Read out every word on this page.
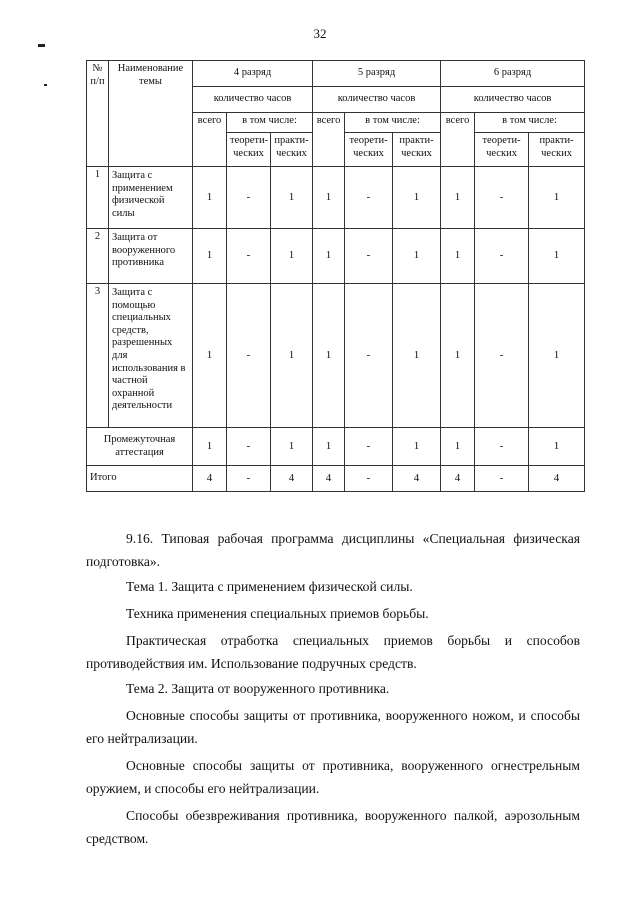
32
№ п/п	Наименование темы	4 разряд			5 разряд			6 разряд		
		количество часов			количество часов			количество часов		
		всего	в том числе:		всего	в том числе:		всего	в том числе:	
			теорети-ческих	практи-ческих		теорети-ческих	практи-ческих		теорети-ческих	практи-ческих
1	Защита с применением физической силы	1	-	1	1	-	1	1	-	1
2	Защита от вооруженного противника	1	-	1	1	-	1	1	-	1
3	Защита с помощью специальных средств, разрешенных для использования в частной охранной деятельности	1	-	1	1	-	1	1	-	1
Промежуточная аттестация		1	-	1	1	-	1	1	-	1
Итого		4	-	4	4	-	4	4	-	4

9.16. Типовая рабочая программа дисциплины «Специальная физическая подготовка».

Тема 1. Защита с применением физической силы.

Техника применения специальных приемов борьбы.

Практическая отработка специальных приемов борьбы и способов противодействия им. Использование подручных средств.

Тема 2. Защита от вооруженного противника.

Основные способы защиты от противника, вооруженного ножом, и способы его нейтрализации.

Основные способы защиты от противника, вооруженного огнестрельным оружием, и способы его нейтрализации.

Способы обезвреживания противника, вооруженного палкой, аэрозольным средством.
